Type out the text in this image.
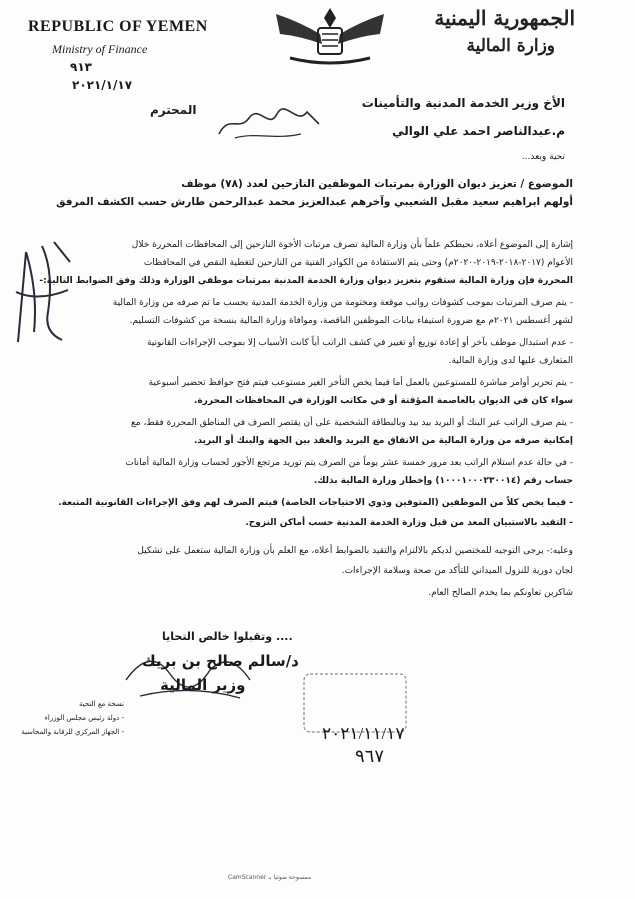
REPUBLIC OF YEMEN
Ministry of Finance
٩١٣
٢٠٢١/١/١٧
الجمهورية اليمنية
وزارة المالية
الأخ وزير الخدمة المدنية والتأمينات
المحترم
م.عبدالناصر احمد علي الوالي
تحية وبعد...
الموضوع / تعزيز ديوان الوزارة بمرتبات الموظفين النازحين لعدد (٧٨) موظف
أولهم ابراهيم سعيد مقبل الشعيبي وآخرهم عبدالعزيز محمد عبدالرحمن طارش حسب الكشف المرفق
إشارة إلى الموضوع أعلاه، نحيطكم علماً بأن وزارة المالية تصرف مرتبات الأخوة النازحين إلى المحافظات المحررة خلال
الأعوام (٢٠١٧-٢٠١٨-٢٠١٩-٢٠٢٠م) وحتى يتم الاستفادة من الكوادر الفنية من النازحين لتغطية النقص في المحافظات
المحررة فإن وزارة المالية ستقوم بتعزيز ديوان وزارة الخدمة المدنية بمرتبات موظفي الوزارة وذلك وفق الضوابط التالية:-
- يتم صرف المرتبات بموجب كشوفات رواتب موقعة ومختومة من وزارة الخدمة المدنية بحسب ما تم صرفه من وزارة المالية
لشهر أغسطس ٢٠٢١م مع ضرورة استيفاء بيانات الموظفين الناقصة، وموافاة وزارة المالية بنسخة من كشوفات التسليم.
- عدم استبدال موظف بآخر أو إعادة توزيع أو تغيير في كشف الراتب أياً كانت الأسباب إلا بموجب الإجراءات القانونية
المتعارف عليها لدى وزارة المالية.
- يتم تحرير أوامر مباشرة للمستوعبين بالعمل أما فيما يخص التأخر الغير مستوعب فيتم فتح حوافظ تحضير أسبوعية
سواء كان في الديوان بالعاصمة المؤقتة أو في مكاتب الوزارة في المحافظات المحررة.
- يتم صرف الراتب عبر البنك أو البريد بيد بيد وبالبطاقة الشخصية على أن يقتصر الصرف في المناطق المحررة فقط، مع
إمكانية صرفه من وزارة المالية من الاتفاق مع البريد والعقد بين الجهة والبنك أو البريد.
- في حالة عدم استلام الراتب بعد مرور خمسة عشر يوماً من الصرف يتم توريد مرتجع الأجور لحساب وزارة المالية أمانات
حساب رقم (١٠٠٠١٠٠٠٢٣٠٠١٤) وإخطار وزارة المالية بذلك.
- فيما يخص كلاً من الموظفين (المتوفين وذوي الاحتياجات الخاصة) فيتم الصرف لهم وفق الإجراءات القانونية المتبعة.
- التقيد بالاستبيان المعد من قبل وزارة الخدمة المدنية حسب أماكن النزوح.
وعليه:- يرجى التوجيه للمختصين لديكم بالالتزام والتقيد بالضوابط أعلاه، مع العلم بأن وزارة المالية ستعمل على تشكيل
لجان دورية للنزول الميداني للتأكد من صحة وسلامة الإجراءات.
شاكرين تعاونكم بما يخدم الصالح العام.
وتقبلوا خالص التحايا ....
د/سالم صالح بن بريك
وزير المالية
نسخة مع التحية
- دولة رئيس مجلس الوزراء
- الجهاز المركزي للرقابة والمحاسبة	٢٠٢١/١١/١٧
٩٦٧
CamScanner ممسوحة ضوئيا بـ
